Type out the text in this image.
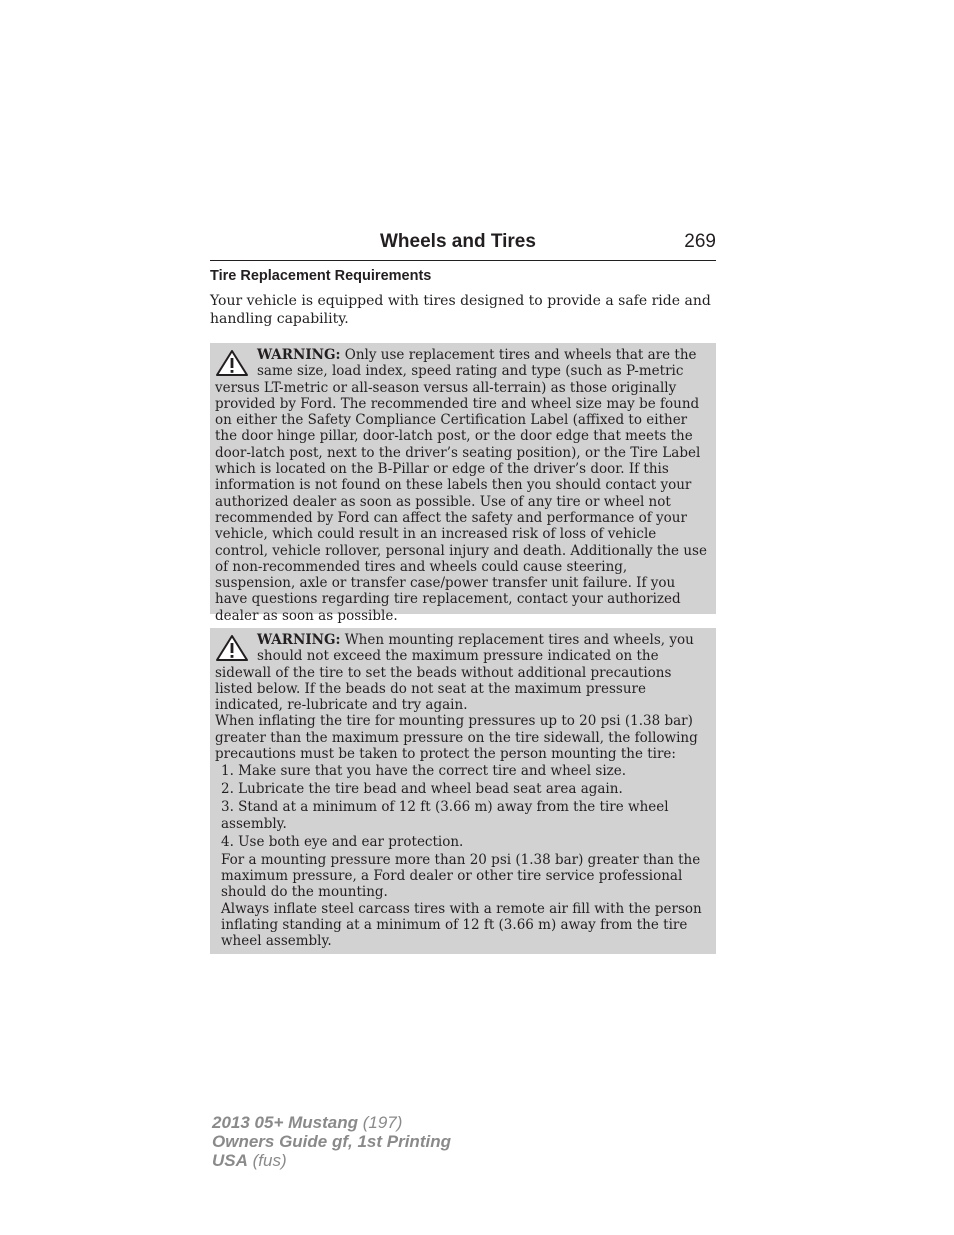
Wheels and Tires	269
Tire Replacement Requirements

Your vehicle is equipped with tires designed to provide a safe ride and handling capability.

WARNING: Only use replacement tires and wheels that are the same size, load index, speed rating and type (such as P-metric versus LT-metric or all-season versus all-terrain) as those originally provided by Ford. The recommended tire and wheel size may be found on either the Safety Compliance Certification Label (affixed to either the door hinge pillar, door-latch post, or the door edge that meets the door-latch post, next to the driver’s seating position), or the Tire Label which is located on the B-Pillar or edge of the driver’s door. If this information is not found on these labels then you should contact your authorized dealer as soon as possible. Use of any tire or wheel not recommended by Ford can affect the safety and performance of your vehicle, which could result in an increased risk of loss of vehicle control, vehicle rollover, personal injury and death. Additionally the use of non-recommended tires and wheels could cause steering, suspension, axle or transfer case/power transfer unit failure. If you have questions regarding tire replacement, contact your authorized dealer as soon as possible.

WARNING: When mounting replacement tires and wheels, you should not exceed the maximum pressure indicated on the sidewall of the tire to set the beads without additional precautions listed below. If the beads do not seat at the maximum pressure indicated, re-lubricate and try again.

When inflating the tire for mounting pressures up to 20 psi (1.38 bar) greater than the maximum pressure on the tire sidewall, the following precautions must be taken to protect the person mounting the tire:

1. Make sure that you have the correct tire and wheel size.
2. Lubricate the tire bead and wheel bead seat area again.
3. Stand at a minimum of 12 ft (3.66 m) away from the tire wheel assembly.
4. Use both eye and ear protection.

For a mounting pressure more than 20 psi (1.38 bar) greater than the maximum pressure, a Ford dealer or other tire service professional should do the mounting.

Always inflate steel carcass tires with a remote air fill with the person inflating standing at a minimum of 12 ft (3.66 m) away from the tire wheel assembly.

2013 05+ Mustang (197)
Owners Guide gf, 1st Printing
USA (fus)
